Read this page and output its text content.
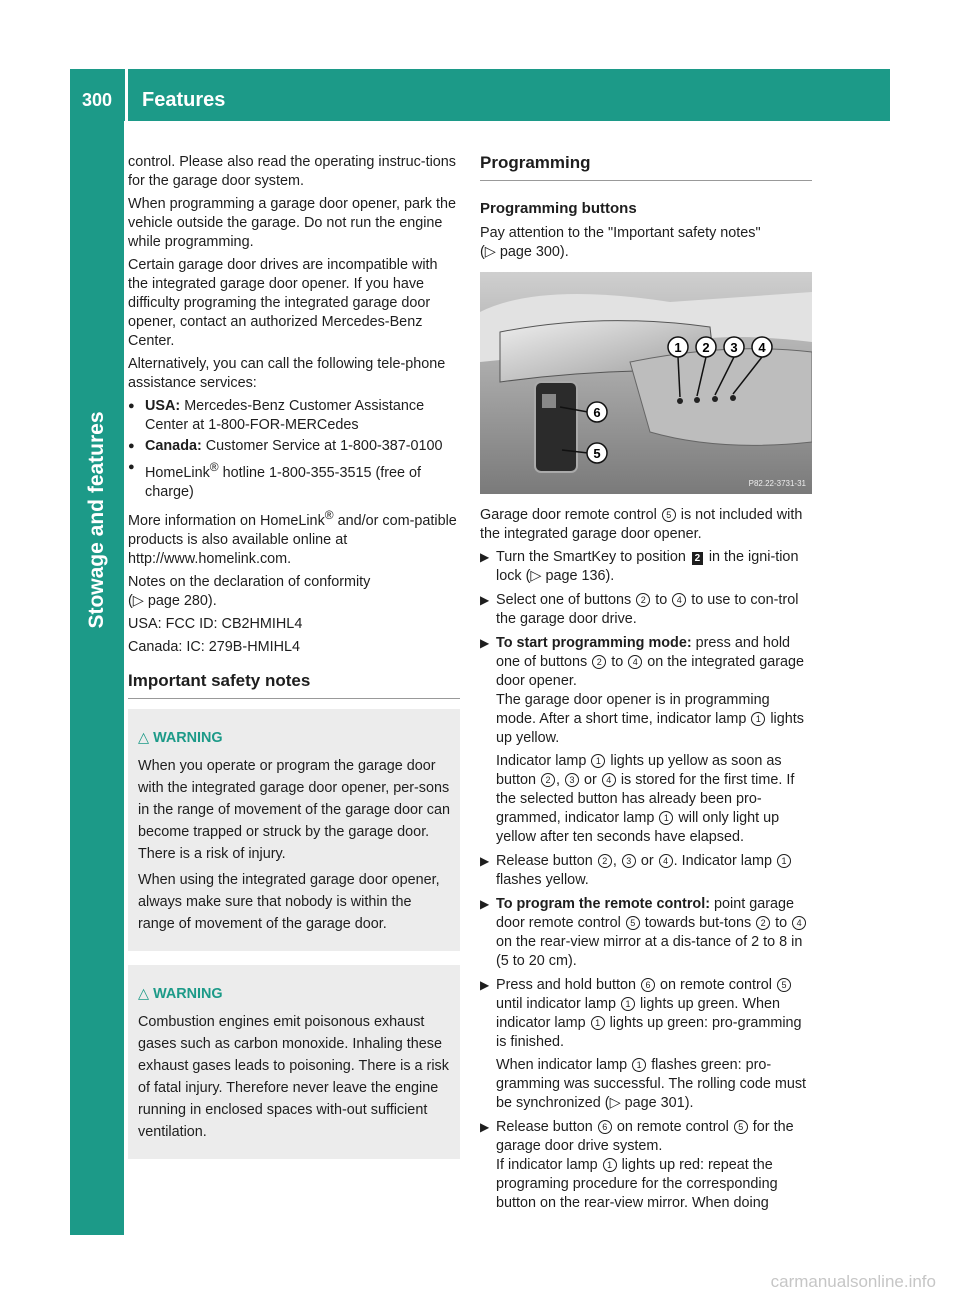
300	Features
Stowage and features

control. Please also read the operating instruc-tions for the garage door system.

When programming a garage door opener, park the vehicle outside the garage. Do not run the engine while programming.

Certain garage door drives are incompatible with the integrated garage door opener. If you have difficulty programing the integrated garage door opener, contact an authorized Mercedes-Benz Center.

Alternatively, you can call the following tele-phone assistance services:

● USA: Mercedes-Benz Customer Assistance Center at 1-800-FOR-MERCedes
● Canada: Customer Service at 1-800-387-0100
● HomeLink® hotline 1-800-355-3515 (free of charge)

More information on HomeLink® and/or com-patible products is also available online at http://www.homelink.com.

Notes on the declaration of conformity
(▷ page 280).

USA: FCC ID: CB2HMIHL4

Canada: IC: 279B-HMIHL4

Important safety notes
△ WARNING

When you operate or program the garage door with the integrated garage door opener, per-sons in the range of movement of the garage door can become trapped or struck by the garage door. There is a risk of injury.

When using the integrated garage door opener, always make sure that nobody is within the range of movement of the garage door.

△ WARNING

Combustion engines emit poisonous exhaust gases such as carbon monoxide. Inhaling these exhaust gases leads to poisoning. There is a risk of fatal injury. Therefore never leave the engine running in enclosed spaces with-out sufficient ventilation.

Programming
Programming buttons

Pay attention to the "Important safety notes"
(▷ page 300).

1 2 3 4
5
6
P82.22-3731-31

Garage door remote control 5 is not included with the integrated garage door opener.

▶ Turn the SmartKey to position 2 in the igni-tion lock (▷ page 136).
▶ Select one of buttons 2 to 4 to use to con-trol the garage door drive.
▶ To start programming mode: press and hold one of buttons 2 to 4 on the integrated garage door opener.
The garage door opener is in programming mode. After a short time, indicator lamp 1 lights up yellow.
Indicator lamp 1 lights up yellow as soon as button 2 , 3 or 4 is stored for the first time. If the selected button has already been pro-grammed, indicator lamp 1 will only light up yellow after ten seconds have elapsed.
▶ Release button 2 , 3 or 4 . Indicator lamp 1 flashes yellow.
▶ To program the remote control: point garage door remote control 5 towards but-tons 2 to 4 on the rear-view mirror at a dis-tance of 2 to 8 in (5 to 20 cm).
▶ Press and hold button 6 on remote control 5 until indicator lamp 1 lights up green. When indicator lamp 1 lights up green: pro-gramming is finished.
When indicator lamp 1 flashes green: pro-gramming was successful. The rolling code must be synchronized (▷ page 301).
▶ Release button 6 on remote control 5 for the garage door drive system.
If indicator lamp 1 lights up red: repeat the programing procedure for the corresponding button on the rear-view mirror. When doing
carmanualsonline.info
